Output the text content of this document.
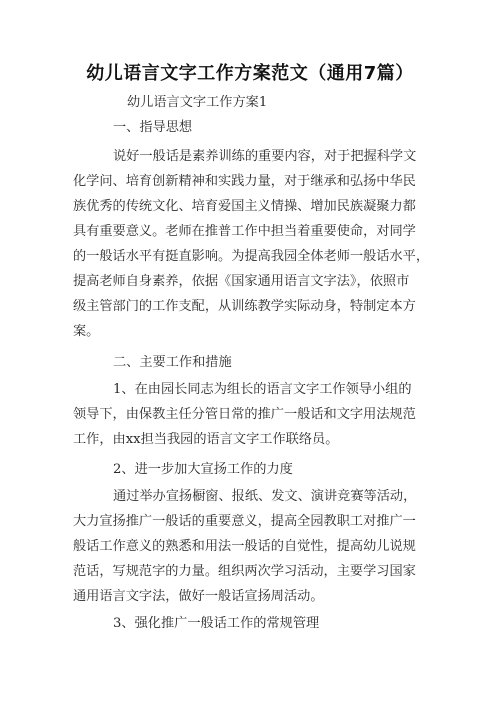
幼儿语言文字工作方案范文（通用7篇）
幼儿语言文字工作方案1
一、指导思想
说好一般话是素养训练的重要内容，对于把握科学文
化学问、培育创新精神和实践力量，对于继承和弘扬中华民
族优秀的传统文化、培育爱国主义情操、增加民族凝聚力都
具有重要意义。老师在推普工作中担当着重要使命，对同学
的一般话水平有挺直影响。为提高我园全体老师一般话水平，
提高老师自身素养，依据《国家通用语言文字法》，依照市
级主管部门的工作支配，从训练教学实际动身，特制定本方
案。
二、主要工作和措施
1、在由园长同志为组长的语言文字工作领导小组的
领导下，由保教主任分管日常的推广一般话和文字用法规范
工作，由xx担当我园的语言文字工作联络员。
2、进一步加大宣扬工作的力度
通过举办宣扬橱窗、报纸、发文、演讲竞赛等活动，
大力宣扬推广一般话的重要意义，提高全园教职工对推广一
般话工作意义的熟悉和用法一般话的自觉性，提高幼儿说规
范话，写规范字的力量。组织两次学习活动，主要学习国家
通用语言文字法，做好一般话宣扬周活动。
3、强化推广一般话工作的常规管理
